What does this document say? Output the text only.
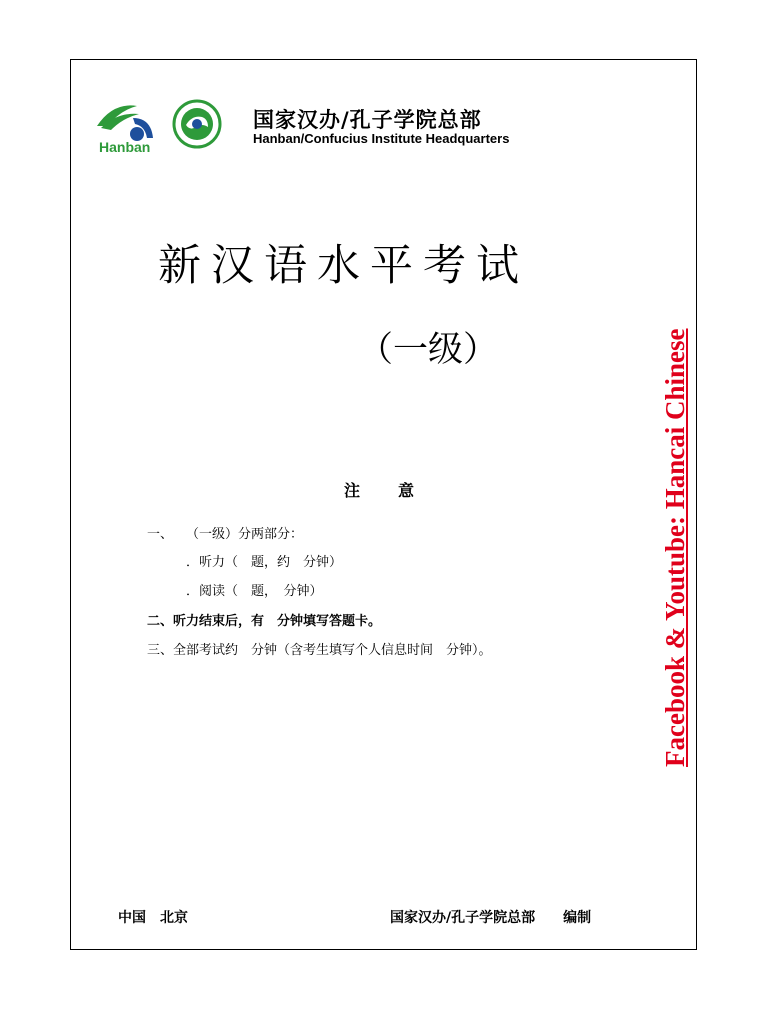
Hanban
国家汉办/孔子学院总部
Hanban/Confucius Institute Headquarters
新汉语水平考试
（一级）
注意
一、　　（一级）分两部分：
．听力（　题，约　分钟）
．阅读（　题，　分钟）
二、听力结束后，有　分钟填写答题卡。
三、全部考试约　分钟（含考生填写个人信息时间　分钟）。	Facebook & Youtube: Hancai Chinese
中国　北京	国家汉办/孔子学院总部　　编制
